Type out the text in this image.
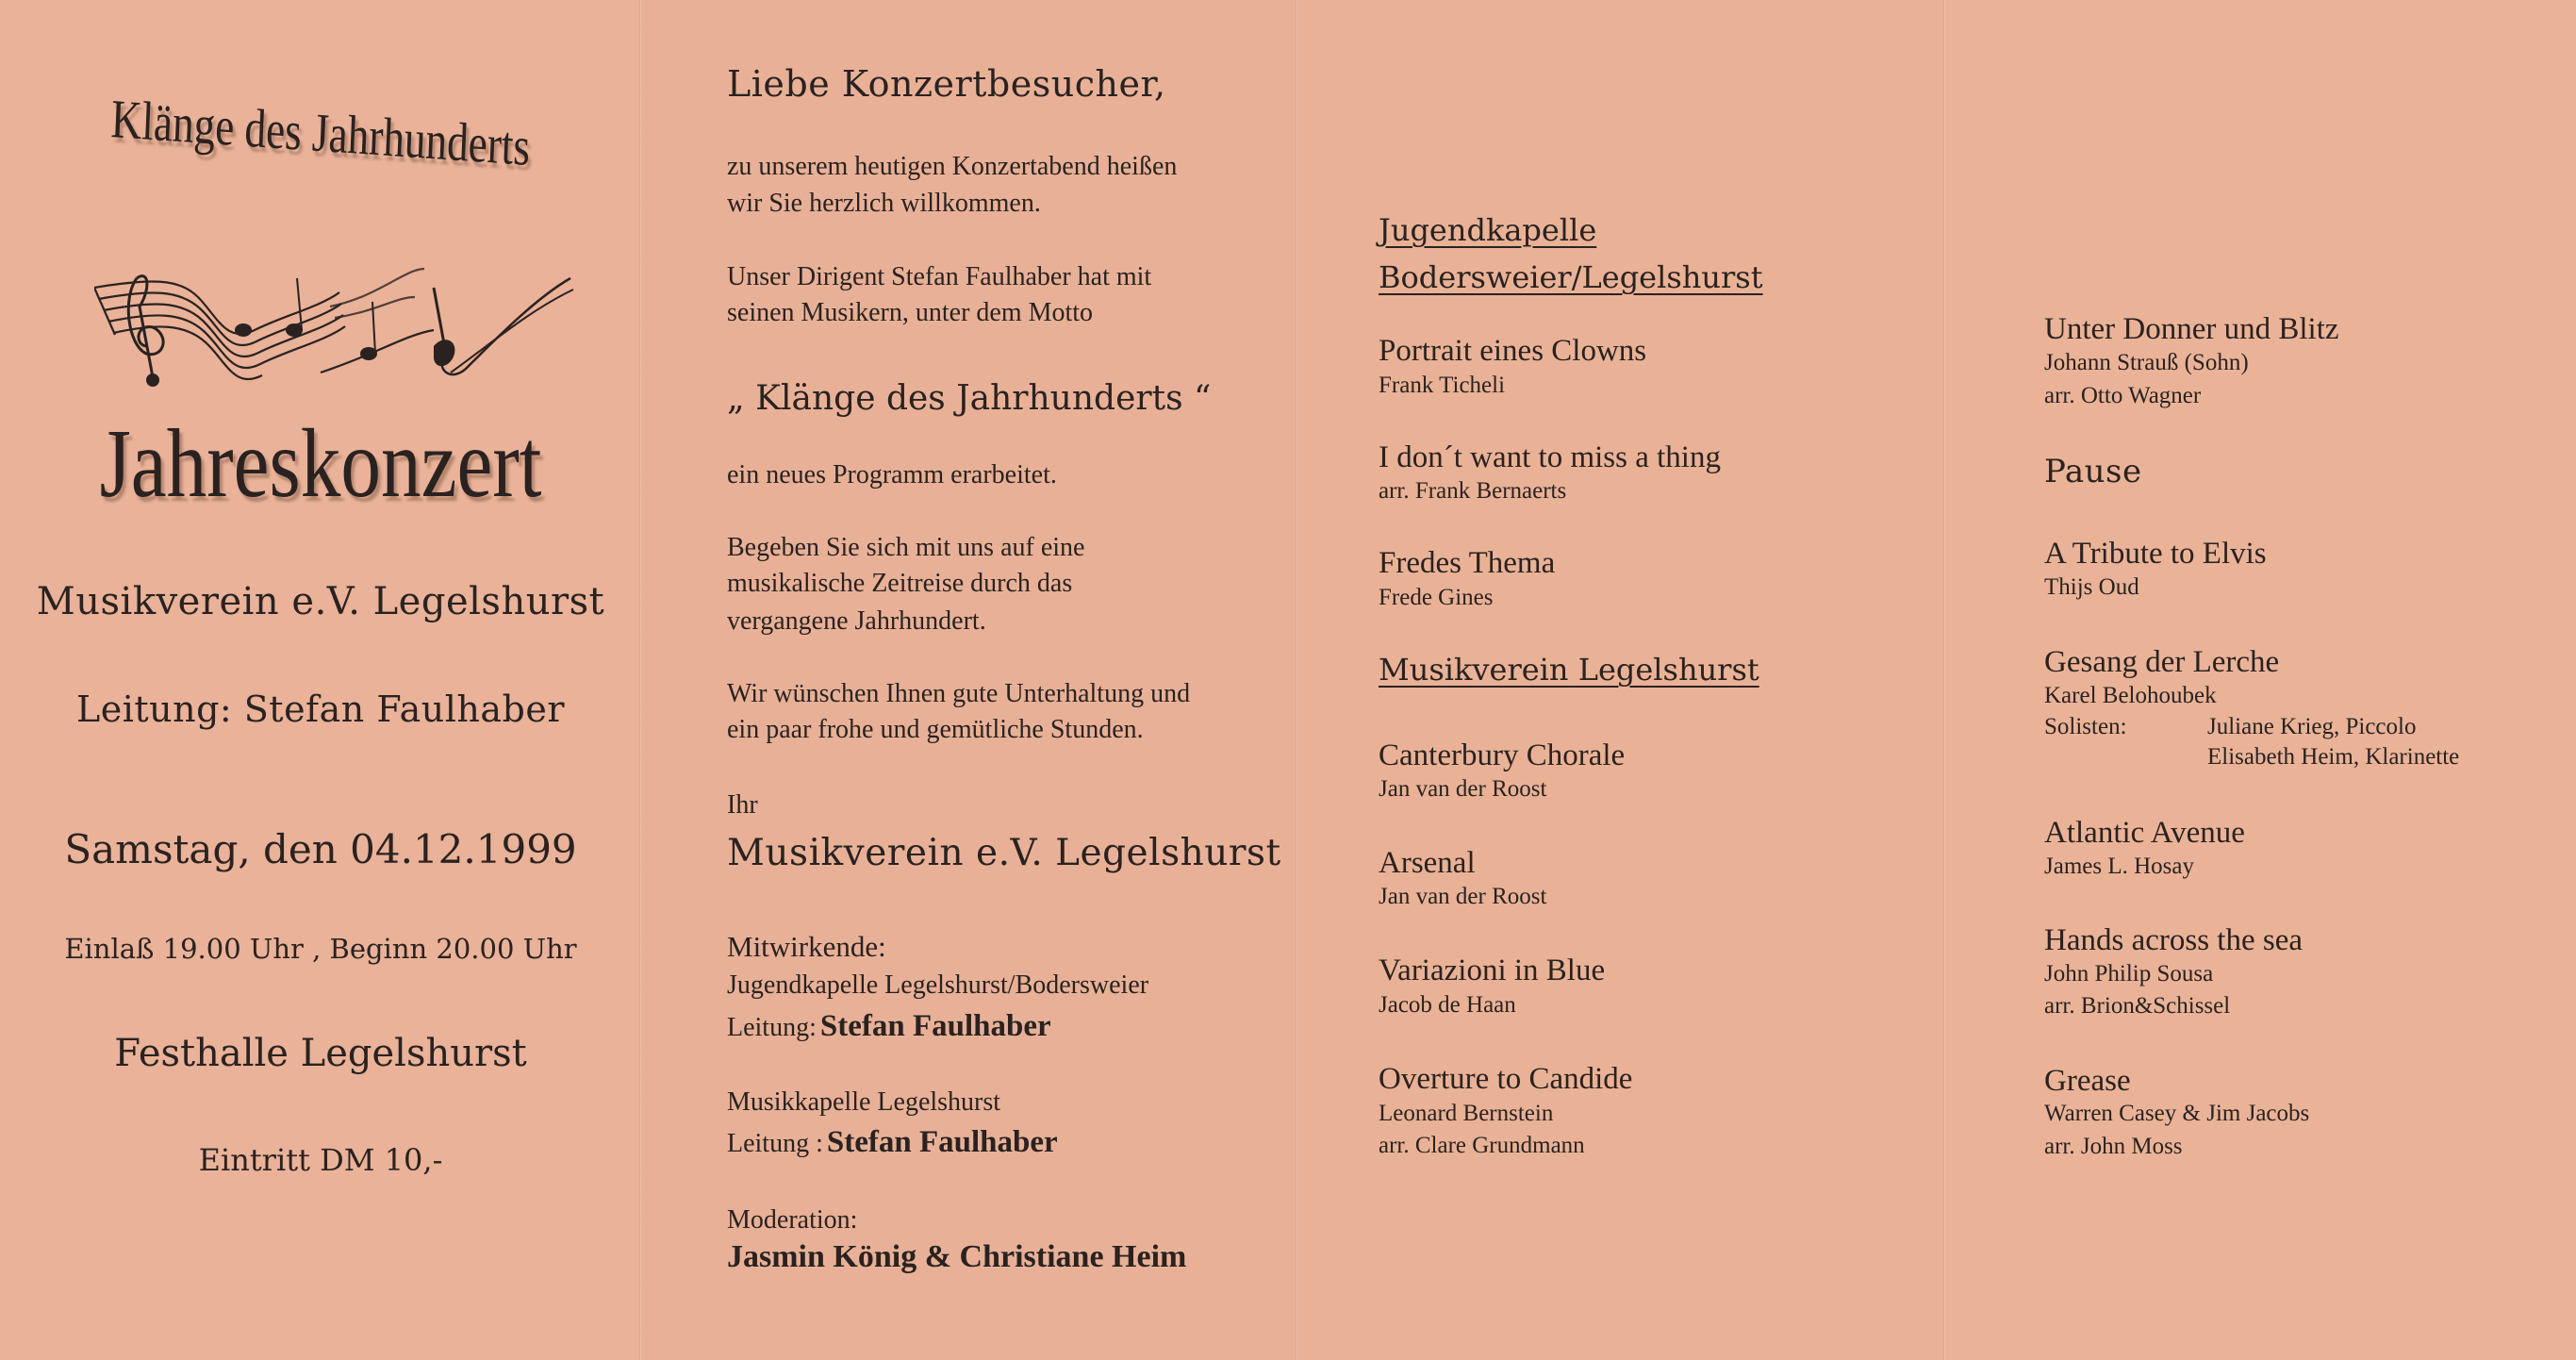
Klänge des Jahrhunderts

Jahreskonzert

Musikverein e.V. Legelshurst

Leitung: Stefan Faulhaber

Samstag, den 04.12.1999

Einlaß 19.00 Uhr , Beginn 20.00 Uhr

Festhalle Legelshurst

Eintritt DM 10,-

Liebe Konzertbesucher,

zu unserem heutigen Konzertabend heißen

wir Sie herzlich willkommen.

Unser Dirigent Stefan Faulhaber hat mit

seinen Musikern, unter dem Motto

„ Klänge des Jahrhunderts “

ein neues Programm erarbeitet.

Begeben Sie sich mit uns auf eine

musikalische Zeitreise durch das

vergangene Jahrhundert.

Wir wünschen Ihnen gute Unterhaltung und

ein paar frohe und gemütliche Stunden.

Ihr

Musikverein e.V. Legelshurst

Mitwirkende:

Jugendkapelle Legelshurst/Bodersweier

Leitung: Stefan Faulhaber

Musikkapelle Legelshurst

Leitung : Stefan Faulhaber

Moderation:

Jasmin König & Christiane Heim

Jugendkapelle

Bodersweier/Legelshurst

Portrait eines Clowns

Frank Ticheli

I don´t want to miss a thing

arr. Frank Bernaerts

Fredes Thema

Frede Gines

Musikverein Legelshurst

Canterbury Chorale

Jan van der Roost

Arsenal

Jan van der Roost

Variazioni in Blue

Jacob de Haan

Overture to Candide

Leonard Bernstein

arr. Clare Grundmann

Unter Donner und Blitz

Johann Strauß (Sohn)

arr. Otto Wagner

Pause

A Tribute to Elvis

Thijs Oud

Gesang der Lerche

Karel Belohoubek

Solisten:	Juliane Krieg, Piccolo

Elisabeth Heim, Klarinette

Atlantic Avenue

James L. Hosay

Hands across the sea

John Philip Sousa

arr. Brion&Schissel

Grease

Warren Casey & Jim Jacobs

arr. John Moss
